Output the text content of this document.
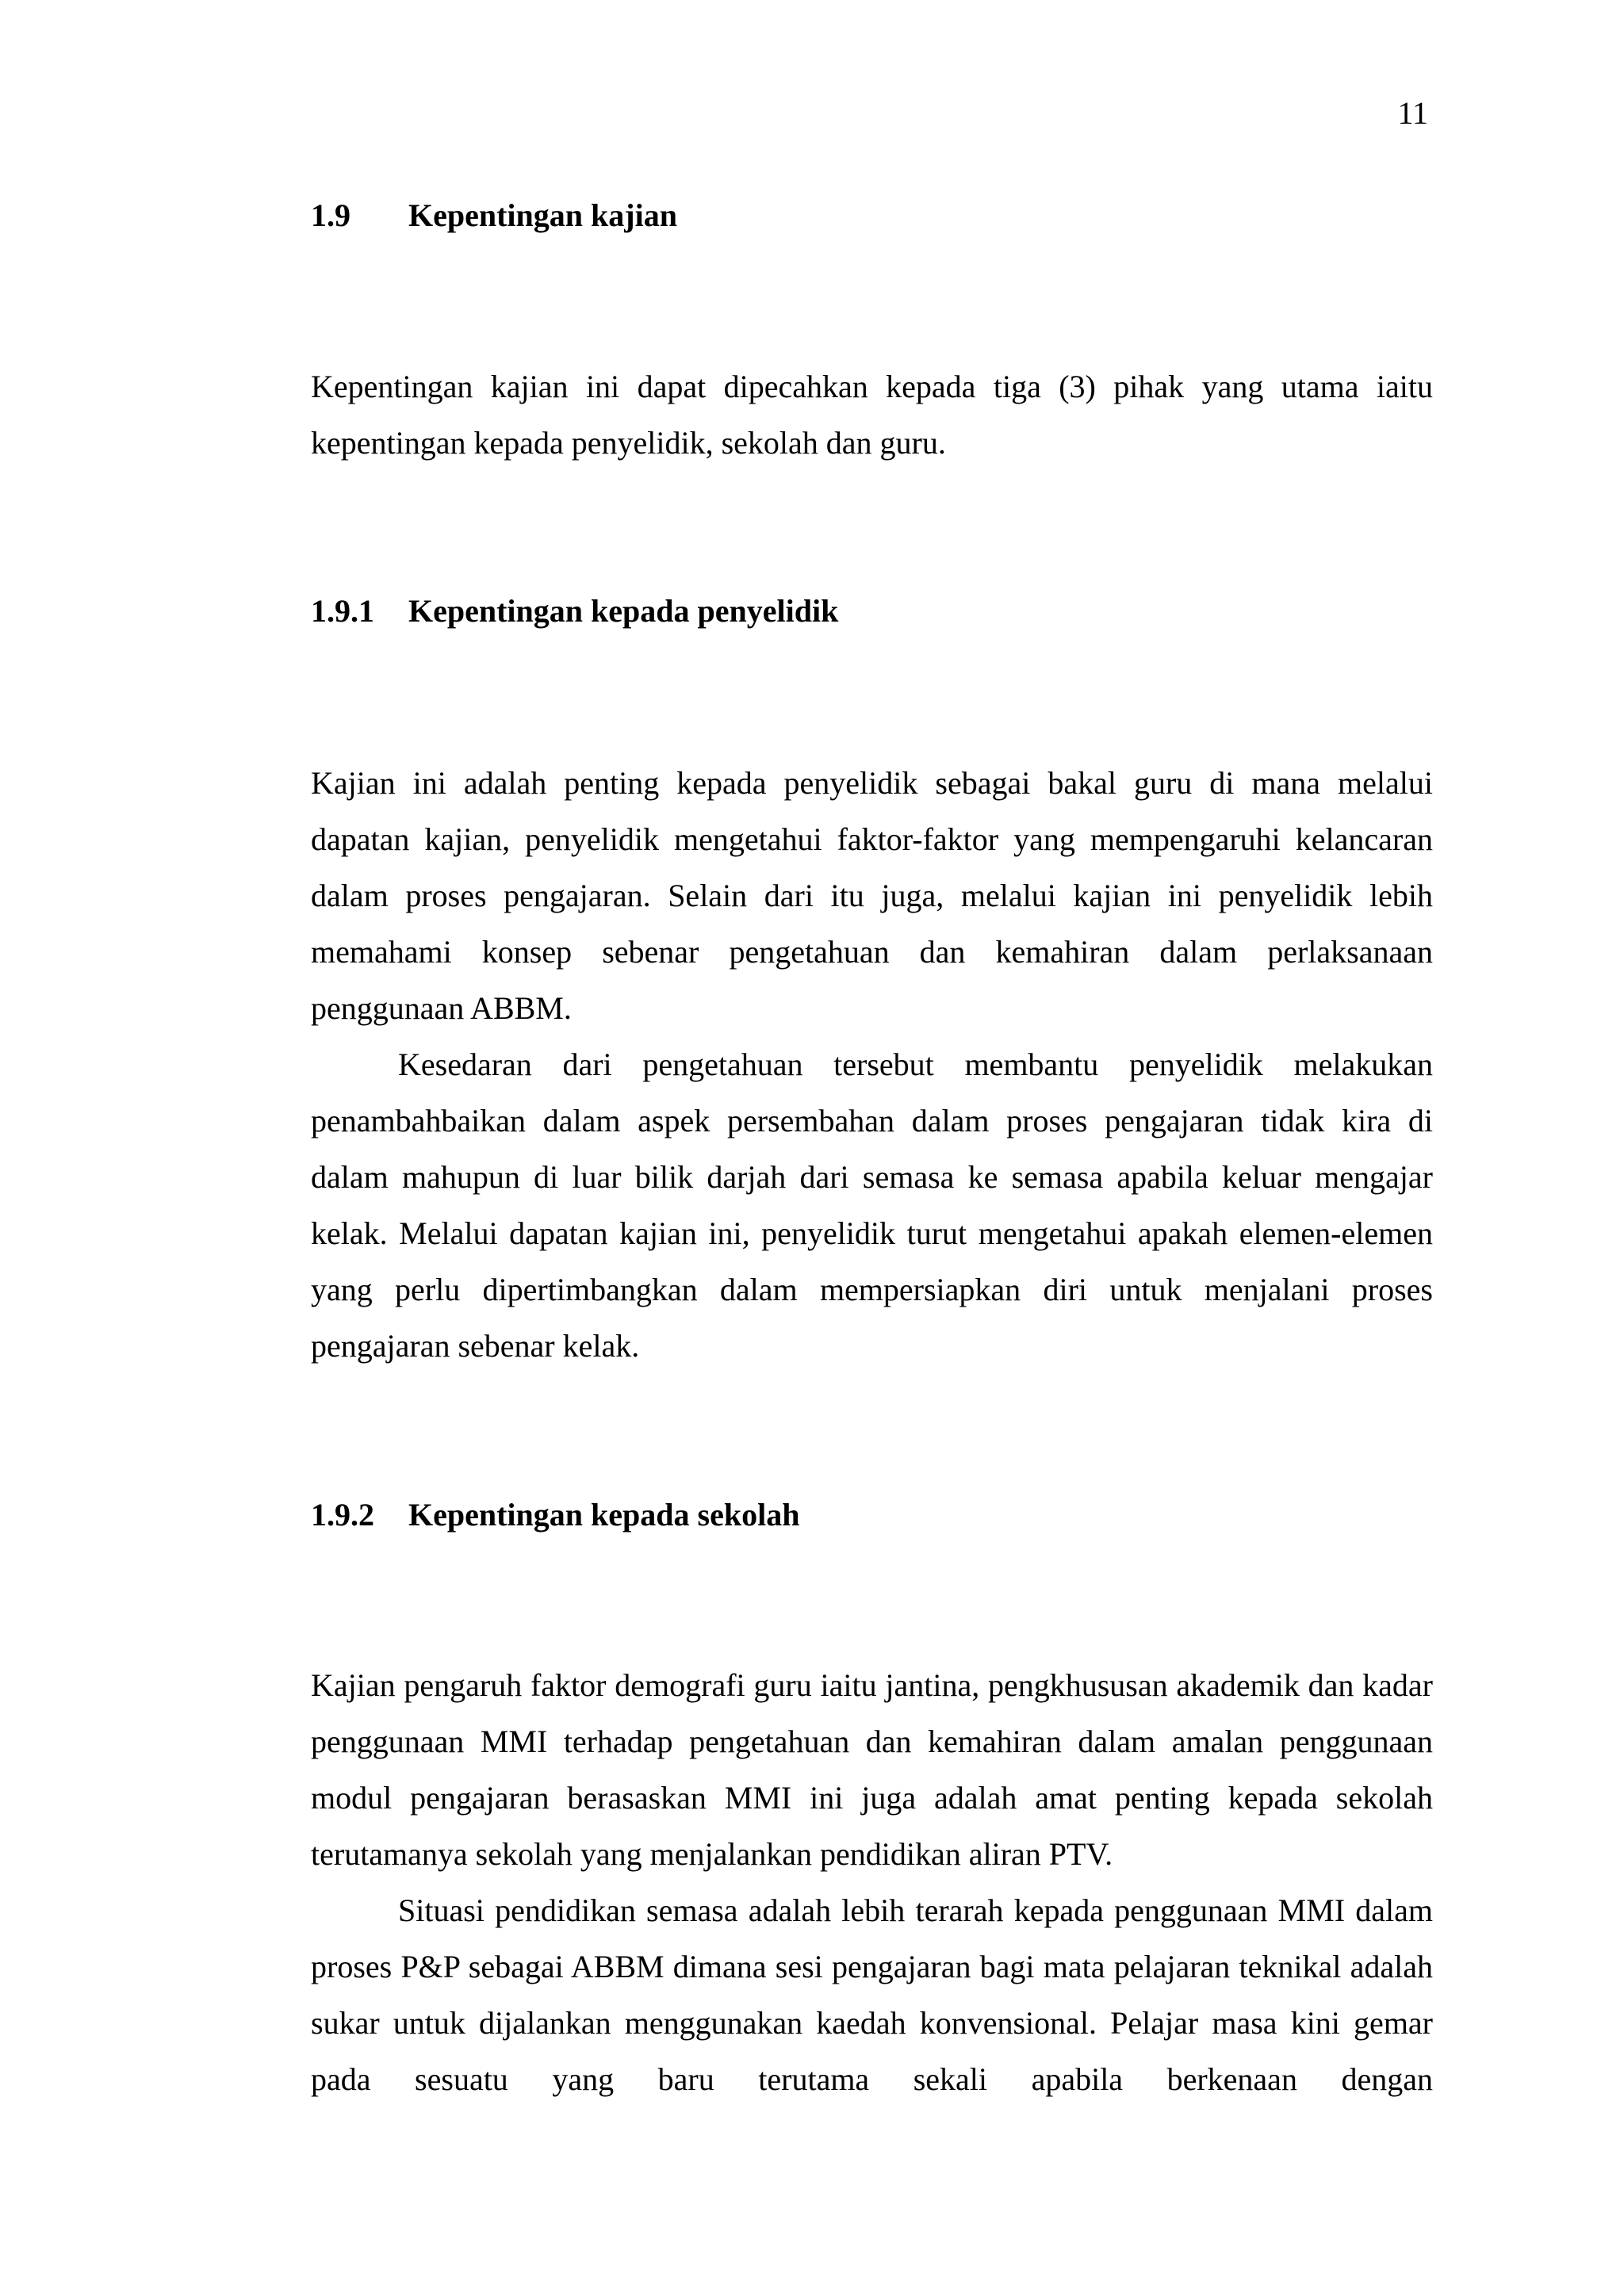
11
1.9 Kepentingan kajian

Kepentingan kajian ini dapat dipecahkan kepada tiga (3) pihak yang utama iaitu kepentingan kepada penyelidik, sekolah dan guru.

1.9.1 Kepentingan kepada penyelidik

Kajian ini adalah penting kepada penyelidik sebagai bakal guru di mana melalui dapatan kajian, penyelidik mengetahui faktor-faktor yang mempengaruhi kelancaran dalam proses pengajaran. Selain dari itu juga, melalui kajian ini penyelidik lebih memahami konsep sebenar pengetahuan dan kemahiran dalam perlaksanaan penggunaan ABBM.

Kesedaran dari pengetahuan tersebut membantu penyelidik melakukan penambahbaikan dalam aspek persembahan dalam proses pengajaran tidak kira di dalam mahupun di luar bilik darjah dari semasa ke semasa apabila keluar mengajar kelak. Melalui dapatan kajian ini, penyelidik turut mengetahui apakah elemen-elemen yang perlu dipertimbangkan dalam mempersiapkan diri untuk menjalani proses pengajaran sebenar kelak.

1.9.2 Kepentingan kepada sekolah

Kajian pengaruh faktor demografi guru iaitu jantina, pengkhususan akademik dan kadar penggunaan MMI terhadap pengetahuan dan kemahiran dalam amalan penggunaan modul pengajaran berasaskan MMI ini juga adalah amat penting kepada sekolah terutamanya sekolah yang menjalankan pendidikan aliran PTV.

Situasi pendidikan semasa adalah lebih terarah kepada penggunaan MMI dalam proses P&P sebagai ABBM dimana sesi pengajaran bagi mata pelajaran teknikal adalah sukar untuk dijalankan menggunakan kaedah konvensional. Pelajar masa kini gemar pada sesuatu yang baru terutama sekali apabila berkenaan dengan
